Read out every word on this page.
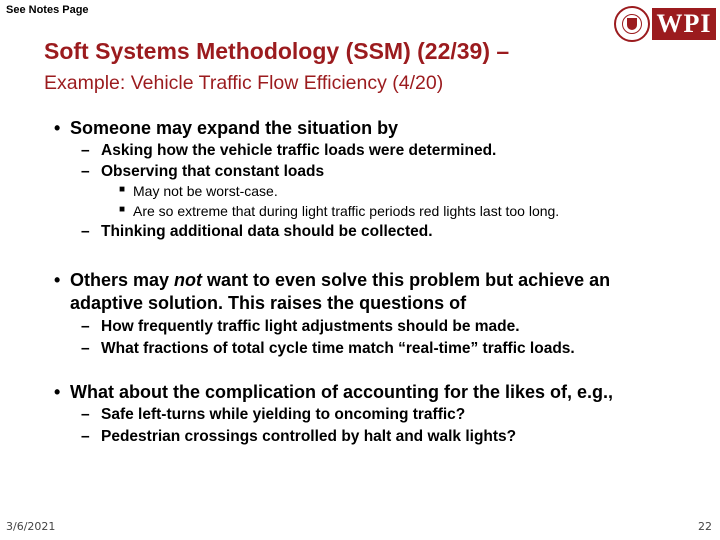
See Notes Page	WPI
Soft Systems Methodology (SSM) (22/39) –
Example: Vehicle Traffic Flow Efficiency (4/20)
• Someone may expand the situation by
– Asking how the vehicle traffic loads were determined.
– Observing that constant loads
■ May not be worst-case.
■ Are so extreme that during light traffic periods red lights last too long.
– Thinking additional data should be collected.
• Others may not want to even solve this problem but achieve an
adaptive solution. This raises the questions of
– How frequently traffic light adjustments should be made.
– What fractions of total cycle time match “real-time” traffic loads.
• What about the complication of accounting for the likes of, e.g.,
– Safe left-turns while yielding to oncoming traffic?
– Pedestrian crossings controlled by halt and walk lights?
3/6/2021	22
